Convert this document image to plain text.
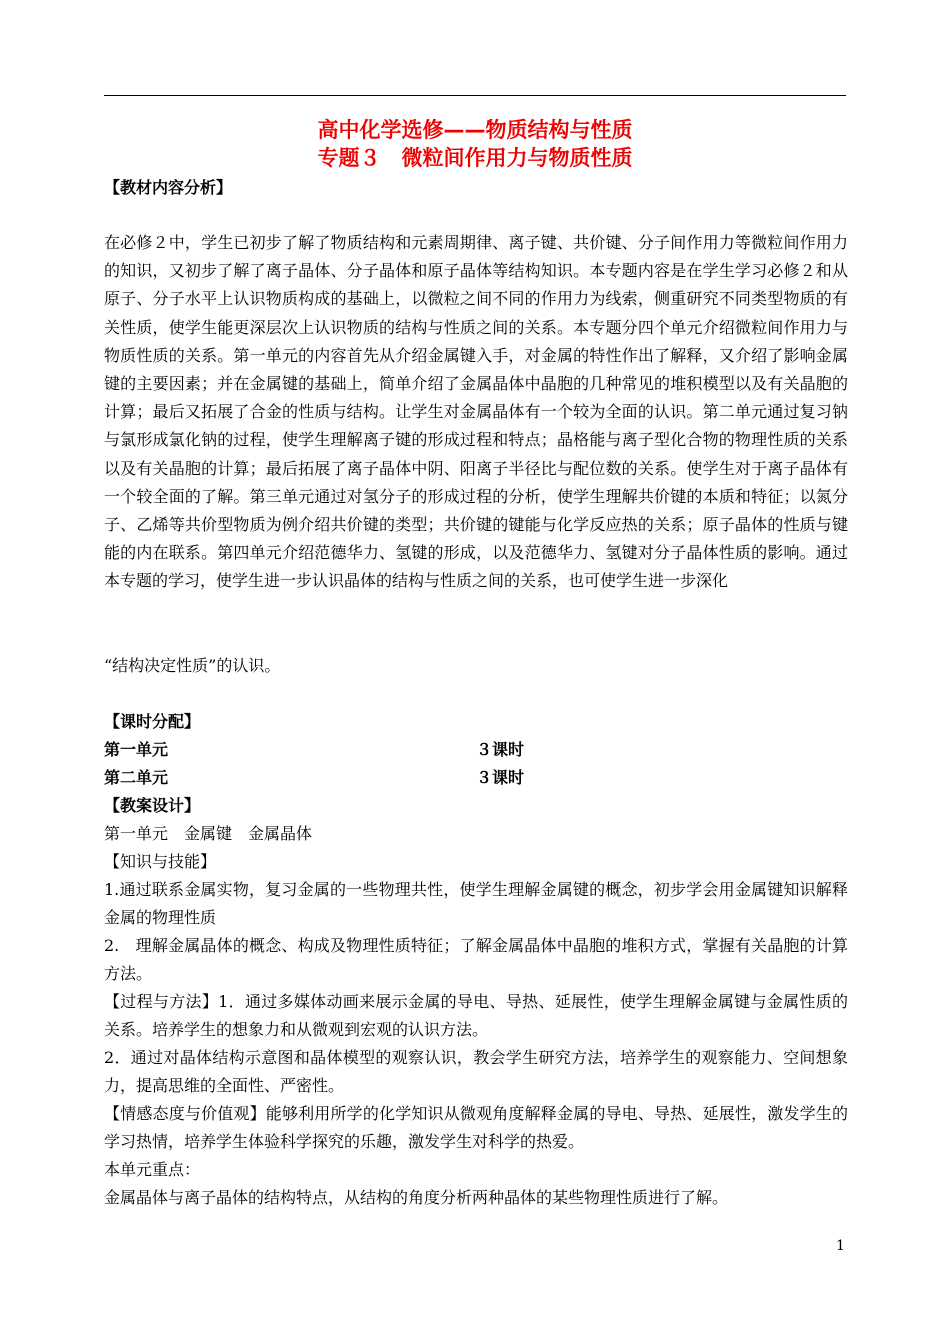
高中化学选修——物质结构与性质
专题３　微粒间作用力与物质性质
【教材内容分析】
在必修２中，学生已初步了解了物质结构和元素周期律、离子键、共价键、分子间作用力等微粒间作用力的知识，又初步了解了离子晶体、分子晶体和原子晶体等结构知识。本专题内容是在学生学习必修２和从原子、分子水平上认识物质构成的基础上，以微粒之间不同的作用力为线索，侧重研究不同类型物质的有关性质，使学生能更深层次上认识物质的结构与性质之间的关系。本专题分四个单元介绍微粒间作用力与物质性质的关系。第一单元的内容首先从介绍金属键入手，对金属的特性作出了解释，又介绍了影响金属键的主要因素；并在金属键的基础上，简单介绍了金属晶体中晶胞的几种常见的堆积模型以及有关晶胞的计算；最后又拓展了合金的性质与结构。让学生对金属晶体有一个较为全面的认识。第二单元通过复习钠与氯形成氯化钠的过程，使学生理解离子键的形成过程和特点；晶格能与离子型化合物的物理性质的关系以及有关晶胞的计算；最后拓展了离子晶体中阴、阳离子半径比与配位数的关系。使学生对于离子晶体有一个较全面的了解。第三单元通过对氢分子的形成过程的分析，使学生理解共价键的本质和特征；以氮分子、乙烯等共价型物质为例介绍共价键的类型；共价键的键能与化学反应热的关系；原子晶体的性质与键能的内在联系。第四单元介绍范德华力、氢键的形成，以及范德华力、氢键对分子晶体性质的影响。通过本专题的学习，使学生进一步认识晶体的结构与性质之间的关系，也可使学生进一步深化
“结构决定性质”的认识。
【课时分配】
第一单元	３课时
第二单元	３课时
【教案设计】
第一单元　金属键　金属晶体
【知识与技能】
1.通过联系金属实物，复习金属的一些物理共性，使学生理解金属键的概念，初步学会用金属键知识解释金属的物理性质
2.　理解金属晶体的概念、构成及物理性质特征；了解金属晶体中晶胞的堆积方式，掌握有关晶胞的计算方法。
【过程与方法】1．通过多媒体动画来展示金属的导电、导热、延展性，使学生理解金属键与金属性质的关系。培养学生的想象力和从微观到宏观的认识方法。
2．通过对晶体结构示意图和晶体模型的观察认识，教会学生研究方法，培养学生的观察能力、空间想象力，提高思维的全面性、严密性。
【情感态度与价值观】能够利用所学的化学知识从微观角度解释金属的导电、导热、延展性，激发学生的学习热情，培养学生体验科学探究的乐趣，激发学生对科学的热爱。
本单元重点：
金属晶体与离子晶体的结构特点，从结构的角度分析两种晶体的某些物理性质进行了解。
1
